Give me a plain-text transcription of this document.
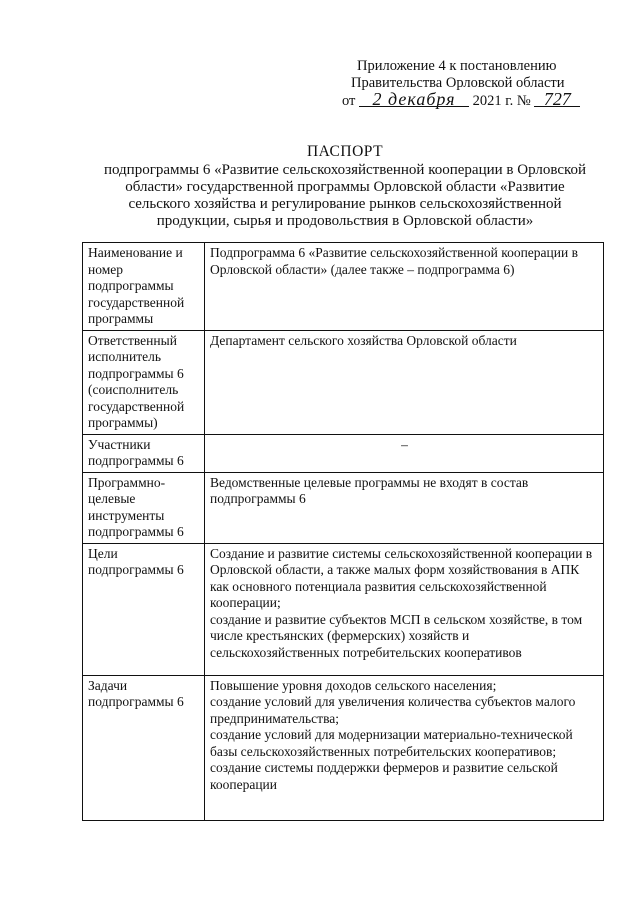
Приложение 4 к постановлению
Правительства Орловской области
от 2 декабря 2021 г. № 727
ПАСПОРТ
подпрограммы 6 «Развитие сельскохозяйственной кооперации в Орловской
области» государственной программы Орловской области «Развитие
сельского хозяйства и регулирование рынков сельскохозяйственной
продукции, сырья и продовольствия в Орловской области»
Наименование и номер подпрограммы государственной программы	Подпрограмма 6 «Развитие сельскохозяйственной кооперации в Орловской области» (далее также – подпрограмма 6)
Ответственный исполнитель подпрограммы 6 (соисполнитель государственной программы)	Департамент сельского хозяйства Орловской области
Участники подпрограммы 6	–
Программно-целевые инструменты подпрограммы 6	Ведомственные целевые программы не входят в состав подпрограммы 6
Цели подпрограммы 6	Создание и развитие системы сельскохозяйственной кооперации в Орловской области, а также малых форм хозяйствования в АПК как основного потенциала развития сельскохозяйственной кооперации;
создание и развитие субъектов МСП в сельском хозяйстве, в том числе крестьянских (фермерских) хозяйств и сельскохозяйственных потребительских кооперативов

Задачи подпрограммы 6	Повышение уровня доходов сельского населения;
создание условий для увеличения количества субъектов малого предпринимательства;
создание условий для модернизации материально-технической базы сельскохозяйственных потребительских кооперативов;
создание системы поддержки фермеров и развитие сельской кооперации
